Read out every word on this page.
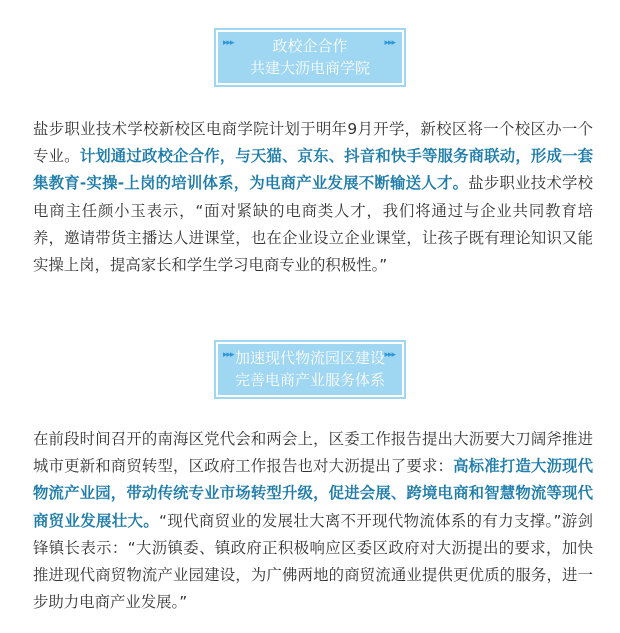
▸▸▸	▸▸▸
政校企合作
共建大沥电商学院

盐步职业技术学校新校区电商学院计划于明年9月开学，新校区将一个校区办一个专业。计划通过政校企合作，与天猫、京东、抖音和快手等服务商联动，形成一套集教育-实操-上岗的培训体系，为电商产业发展不断输送人才。盐步职业技术学校电商主任颜小玉表示，“面对紧缺的电商类人才，我们将通过与企业共同教育培养，邀请带货主播达人进课堂，也在企业设立企业课堂，让孩子既有理论知识又能实操上岗，提高家长和学生学习电商专业的积极性。”

▸▸▸	▸▸▸
加速现代物流园区建设
完善电商产业服务体系

在前段时间召开的南海区党代会和两会上，区委工作报告提出大沥要大刀阔斧推进城市更新和商贸转型，区政府工作报告也对大沥提出了要求：高标准打造大沥现代物流产业园，带动传统专业市场转型升级，促进会展、跨境电商和智慧物流等现代商贸业发展壮大。“现代商贸业的发展壮大离不开现代物流体系的有力支撑。”游剑锋镇长表示：“大沥镇委、镇政府正积极响应区委区政府对大沥提出的要求，加快推进现代商贸物流产业园建设，为广佛两地的商贸流通业提供更优质的服务，进一步助力电商产业发展。”
